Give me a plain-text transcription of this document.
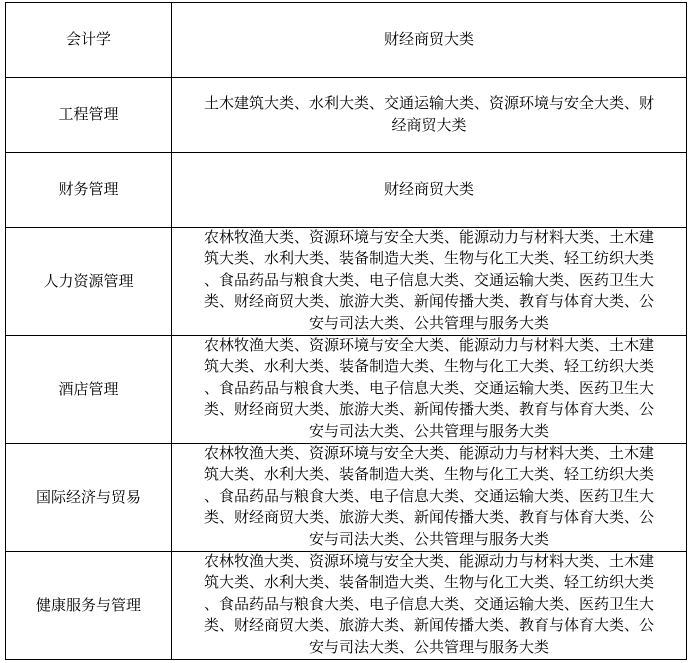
会计学	财经商贸大类

工程管理	土木建筑大类、水利大类、交通运输大类、资源环境与安全大类、财
经商贸大类

财务管理	财经商贸大类

人力资源管理	农林牧渔大类、资源环境与安全大类、能源动力与材料大类、土木建
筑大类、水利大类、装备制造大类、生物与化工大类、轻工纺织大类
、食品药品与粮食大类、电子信息大类、交通运输大类、医药卫生大
类、财经商贸大类、旅游大类、新闻传播大类、教育与体育大类、公
安与司法大类、公共管理与服务大类

酒店管理	农林牧渔大类、资源环境与安全大类、能源动力与材料大类、土木建
筑大类、水利大类、装备制造大类、生物与化工大类、轻工纺织大类
、食品药品与粮食大类、电子信息大类、交通运输大类、医药卫生大
类、财经商贸大类、旅游大类、新闻传播大类、教育与体育大类、公
安与司法大类、公共管理与服务大类

国际经济与贸易	农林牧渔大类、资源环境与安全大类、能源动力与材料大类、土木建
筑大类、水利大类、装备制造大类、生物与化工大类、轻工纺织大类
、食品药品与粮食大类、电子信息大类、交通运输大类、医药卫生大
类、财经商贸大类、旅游大类、新闻传播大类、教育与体育大类、公
安与司法大类、公共管理与服务大类

健康服务与管理	农林牧渔大类、资源环境与安全大类、能源动力与材料大类、土木建
筑大类、水利大类、装备制造大类、生物与化工大类、轻工纺织大类
、食品药品与粮食大类、电子信息大类、交通运输大类、医药卫生大
类、财经商贸大类、旅游大类、新闻传播大类、教育与体育大类、公
安与司法大类、公共管理与服务大类
